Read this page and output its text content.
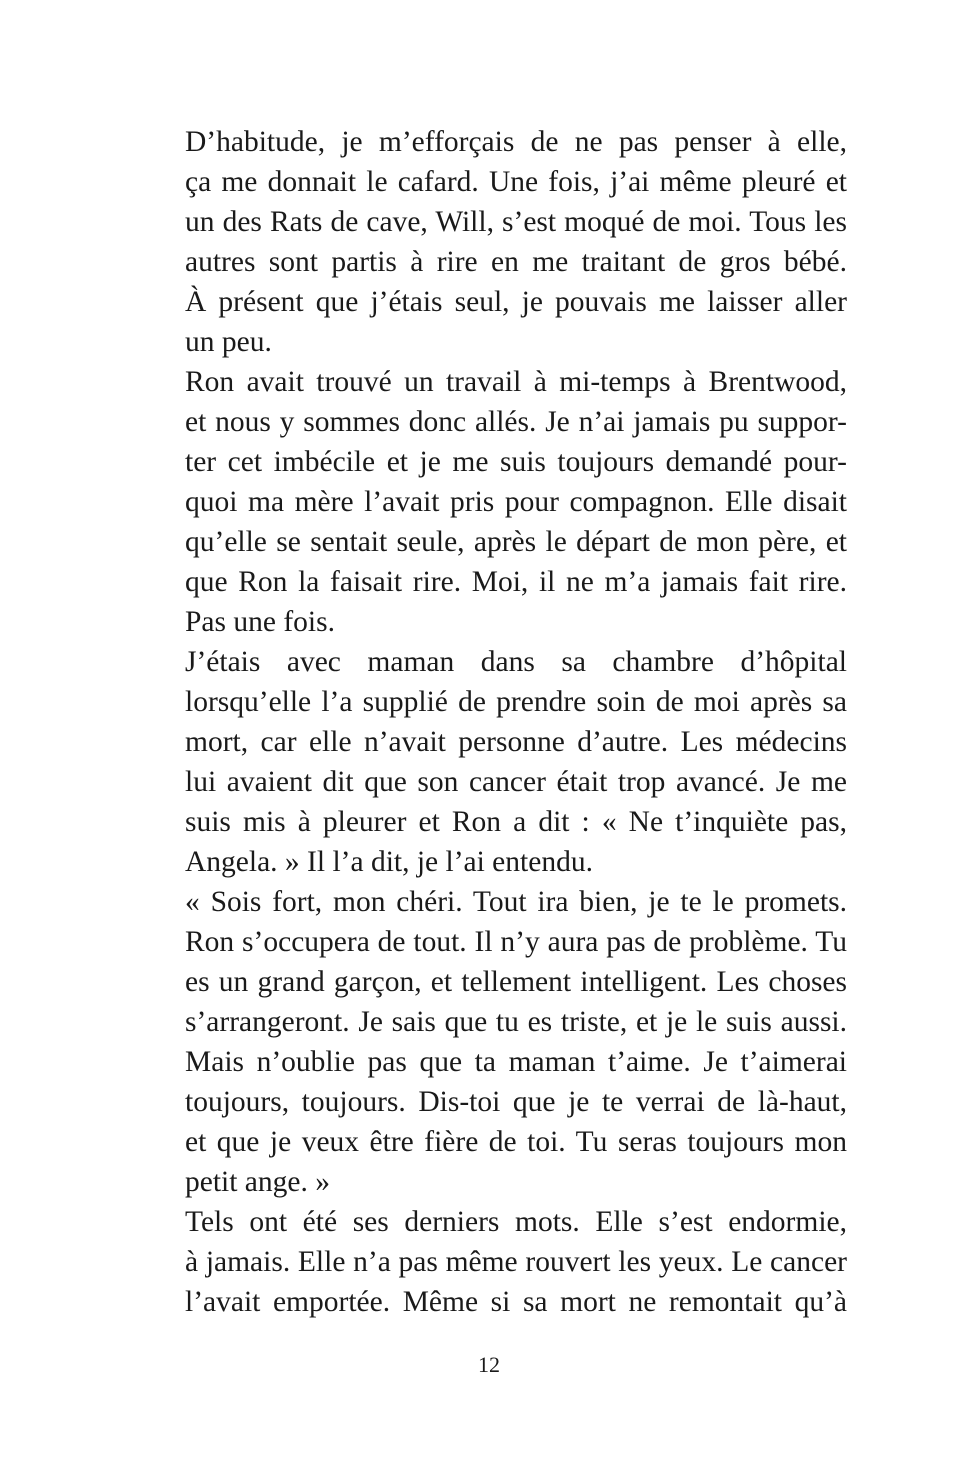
D’habitude, je m’efforçais de ne pas penser à elle,
ça me donnait le cafard. Une fois, j’ai même pleuré et
un des Rats de cave, Will, s’est moqué de moi. Tous les
autres sont partis à rire en me traitant de gros bébé.
À présent que j’étais seul, je pouvais me laisser aller
un peu.

Ron avait trouvé un travail à mi-temps à Brentwood,
et nous y sommes donc allés. Je n’ai jamais pu suppor-
ter cet imbécile et je me suis toujours demandé pour-
quoi ma mère l’avait pris pour compagnon. Elle disait
qu’elle se sentait seule, après le départ de mon père, et
que Ron la faisait rire. Moi, il ne m’a jamais fait rire.
Pas une fois.

J’étais avec maman dans sa chambre d’hôpital
lorsqu’elle l’a supplié de prendre soin de moi après sa
mort, car elle n’avait personne d’autre. Les médecins
lui avaient dit que son cancer était trop avancé. Je me
suis mis à pleurer et Ron a dit : « Ne t’inquiète pas,
Angela. » Il l’a dit, je l’ai entendu.

« Sois fort, mon chéri. Tout ira bien, je te le promets.
Ron s’occupera de tout. Il n’y aura pas de problème. Tu
es un grand garçon, et tellement intelligent. Les choses
s’arrangeront. Je sais que tu es triste, et je le suis aussi.
Mais n’oublie pas que ta maman t’aime. Je t’aimerai
toujours, toujours. Dis-toi que je te verrai de là-haut,
et que je veux être fière de toi. Tu seras toujours mon
petit ange. »

Tels ont été ses derniers mots. Elle s’est endormie,
à jamais. Elle n’a pas même rouvert les yeux. Le cancer
l’avait emportée. Même si sa mort ne remontait qu’à

12
